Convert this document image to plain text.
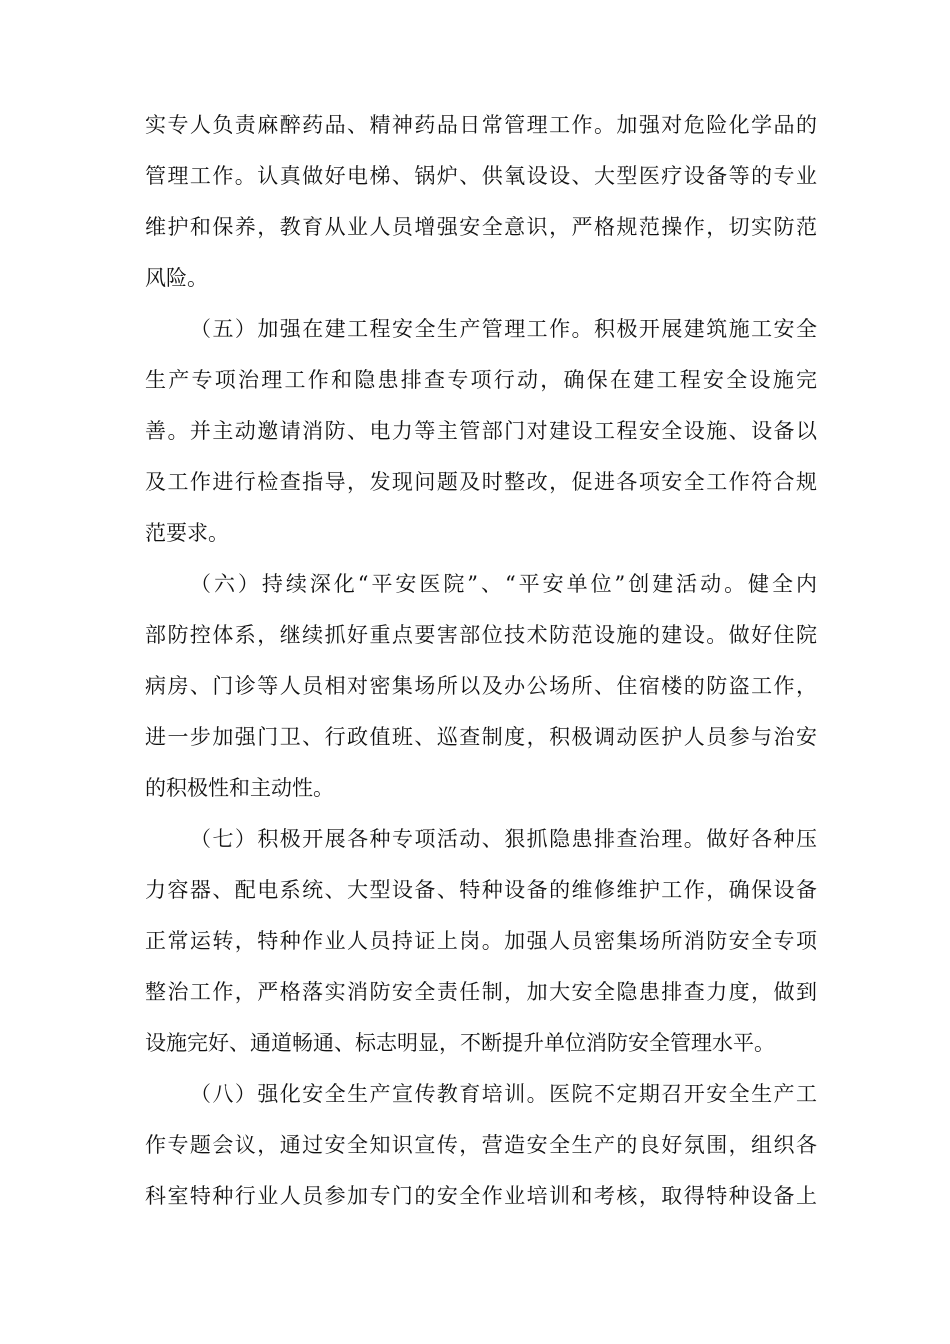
实专人负责麻醉药品、精神药品日常管理工作。加强对危险化学品的
管理工作。认真做好电梯、锅炉、供氧设设、大型医疗设备等的专业
维护和保养，教育从业人员增强安全意识，严格规范操作，切实防范
风险。
（五）加强在建工程安全生产管理工作。积极开展建筑施工安全
生产专项治理工作和隐患排查专项行动，确保在建工程安全设施完
善。并主动邀请消防、电力等主管部门对建设工程安全设施、设备以
及工作进行检查指导，发现问题及时整改，促进各项安全工作符合规
范要求。
（六）持续深化“平安医院”、“平安单位”创建活动。健全内
部防控体系，继续抓好重点要害部位技术防范设施的建设。做好住院
病房、门诊等人员相对密集场所以及办公场所、住宿楼的防盗工作，
进一步加强门卫、行政值班、巡查制度，积极调动医护人员参与治安
的积极性和主动性。
（七）积极开展各种专项活动、狠抓隐患排查治理。做好各种压
力容器、配电系统、大型设备、特种设备的维修维护工作，确保设备
正常运转，特种作业人员持证上岗。加强人员密集场所消防安全专项
整治工作，严格落实消防安全责任制，加大安全隐患排查力度，做到
设施完好、通道畅通、标志明显，不断提升单位消防安全管理水平。
（八）强化安全生产宣传教育培训。医院不定期召开安全生产工
作专题会议，通过安全知识宣传，营造安全生产的良好氛围，组织各
科室特种行业人员参加专门的安全作业培训和考核，取得特种设备上
